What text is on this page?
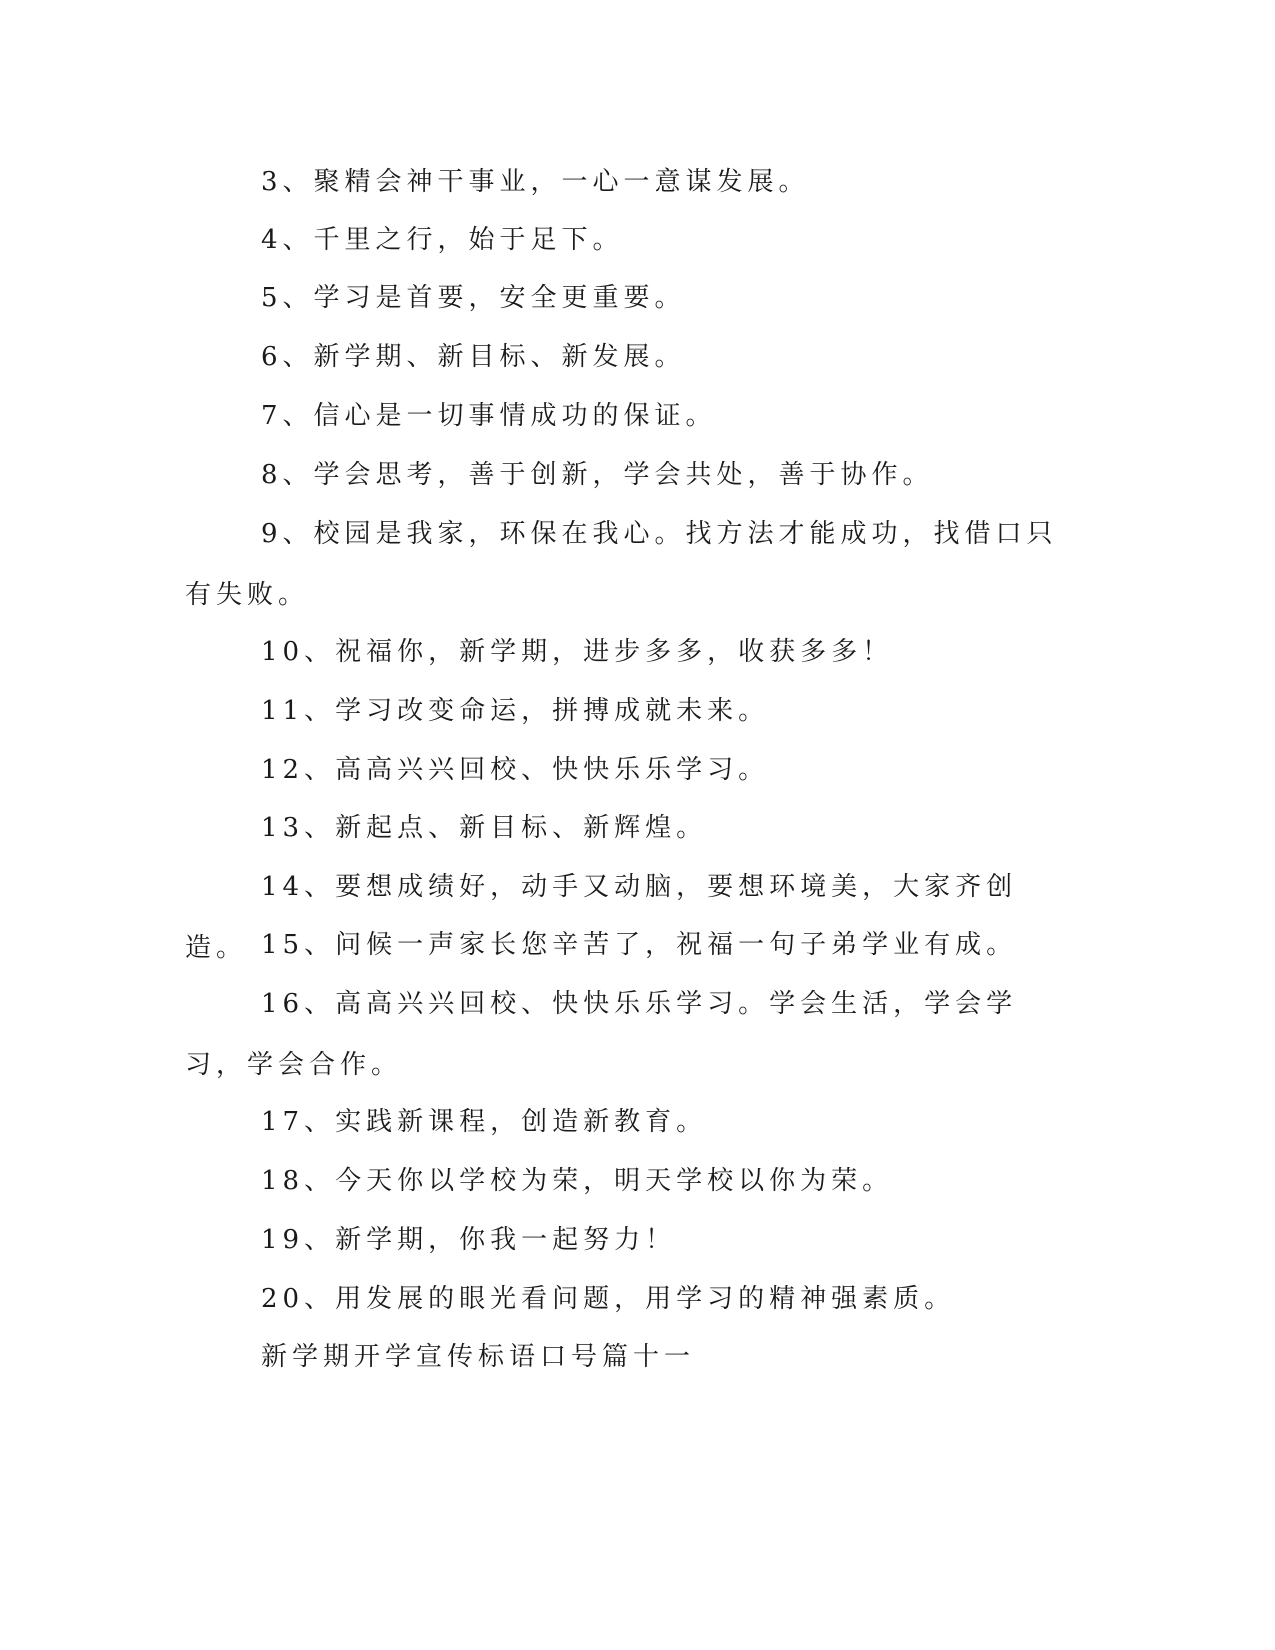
3、聚精会神干事业，一心一意谋发展。

4、千里之行，始于足下。

5、学习是首要，安全更重要。

6、新学期、新目标、新发展。

7、信心是一切事情成功的保证。

8、学会思考，善于创新，学会共处，善于协作。

9、校园是我家，环保在我心。找方法才能成功，找借口只有失败。

10、祝福你，新学期，进步多多，收获多多！

11、学习改变命运，拼搏成就未来。

12、高高兴兴回校、快快乐乐学习。

13、新起点、新目标、新辉煌。

14、要想成绩好，动手又动脑，要想环境美，大家齐创造。 15、问候一声家长您辛苦了，祝福一句子弟学业有成。

16、高高兴兴回校、快快乐乐学习。学会生活，学会学习，学会合作。

17、实践新课程，创造新教育。

18、今天你以学校为荣，明天学校以你为荣。

19、新学期，你我一起努力！

20、用发展的眼光看问题，用学习的精神强素质。

新学期开学宣传标语口号篇十一
